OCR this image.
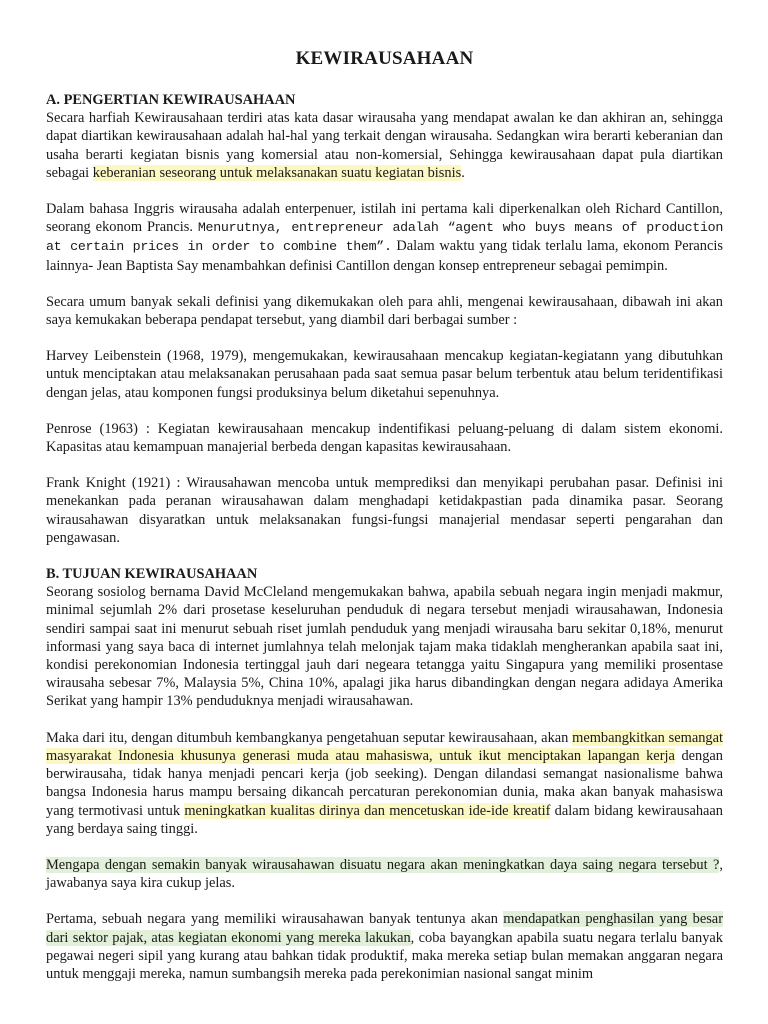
KEWIRAUSAHAAN
A. PENGERTIAN KEWIRAUSAHAAN

Secara harfiah Kewirausahaan terdiri atas kata dasar wirausaha yang mendapat awalan ke dan akhiran an, sehingga dapat diartikan kewirausahaan adalah hal-hal yang terkait dengan wirausaha. Sedangkan wira berarti keberanian dan usaha berarti kegiatan bisnis yang komersial atau non-komersial, Sehingga kewirausahaan dapat pula diartikan sebagai keberanian seseorang untuk melaksanakan suatu kegiatan bisnis.

Dalam bahasa Inggris wirausaha adalah enterpenuer, istilah ini pertama kali diperkenalkan oleh Richard Cantillon, seorang ekonom Prancis. Menurutnya, entrepreneur adalah “agent who buys means of production at certain prices in order to combine them”. Dalam waktu yang tidak terlalu lama, ekonom Perancis lainnya- Jean Baptista Say menambahkan definisi Cantillon dengan konsep entrepreneur sebagai pemimpin.

Secara umum banyak sekali definisi yang dikemukakan oleh para ahli, mengenai kewirausahaan, dibawah ini akan saya kemukakan beberapa pendapat tersebut, yang diambil dari berbagai sumber :

Harvey Leibenstein (1968, 1979), mengemukakan, kewirausahaan mencakup kegiatan-kegiatann yang dibutuhkan untuk menciptakan atau melaksanakan perusahaan pada saat semua pasar belum terbentuk atau belum teridentifikasi dengan jelas, atau komponen fungsi produksinya belum diketahui sepenuhnya.

Penrose (1963) : Kegiatan kewirausahaan mencakup indentifikasi peluang-peluang di dalam sistem ekonomi. Kapasitas atau kemampuan manajerial berbeda dengan kapasitas kewirausahaan.

Frank Knight (1921) : Wirausahawan mencoba untuk memprediksi dan menyikapi perubahan pasar. Definisi ini menekankan pada peranan wirausahawan dalam menghadapi ketidakpastian pada dinamika pasar. Seorang wirausahawan disyaratkan untuk melaksanakan fungsi-fungsi manajerial mendasar seperti pengarahan dan pengawasan.

B. TUJUAN KEWIRAUSAHAAN

Seorang sosiolog bernama David McCleland mengemukakan bahwa, apabila sebuah negara ingin menjadi makmur, minimal sejumlah 2% dari prosetase keseluruhan penduduk di negara tersebut menjadi wirausahawan, Indonesia sendiri sampai saat ini menurut sebuah riset jumlah penduduk yang menjadi wirausaha baru sekitar 0,18%, menurut informasi yang saya baca di internet jumlahnya telah melonjak tajam maka tidaklah mengherankan apabila saat ini, kondisi perekonomian Indonesia tertinggal jauh dari negeara tetangga yaitu Singapura yang memiliki prosentase wirausaha sebesar 7%, Malaysia 5%, China 10%, apalagi jika harus dibandingkan dengan negara adidaya Amerika Serikat yang hampir 13% penduduknya menjadi wirausahawan.

Maka dari itu, dengan ditumbuh kembangkanya pengetahuan seputar kewirausahaan, akan membangkitkan semangat masyarakat Indonesia khusunya generasi muda atau mahasiswa, untuk ikut menciptakan lapangan kerja dengan berwirausaha, tidak hanya menjadi pencari kerja (job seeking). Dengan dilandasi semangat nasionalisme bahwa bangsa Indonesia harus mampu bersaing dikancah percaturan perekonomian dunia, maka akan banyak mahasiswa yang termotivasi untuk meningkatkan kualitas dirinya dan mencetuskan ide-ide kreatif dalam bidang kewirausahaan yang berdaya saing tinggi.

Mengapa dengan semakin banyak wirausahawan disuatu negara akan meningkatkan daya saing negara tersebut ?, jawabanya saya kira cukup jelas.

Pertama, sebuah negara yang memiliki wirausahawan banyak tentunya akan mendapatkan penghasilan yang besar dari sektor pajak, atas kegiatan ekonomi yang mereka lakukan, coba bayangkan apabila suatu negara terlalu banyak pegawai negeri sipil yang kurang atau bahkan tidak produktif, maka mereka setiap bulan memakan anggaran negara untuk menggaji mereka, namun sumbangsih mereka pada perekonimian nasional sangat minim
